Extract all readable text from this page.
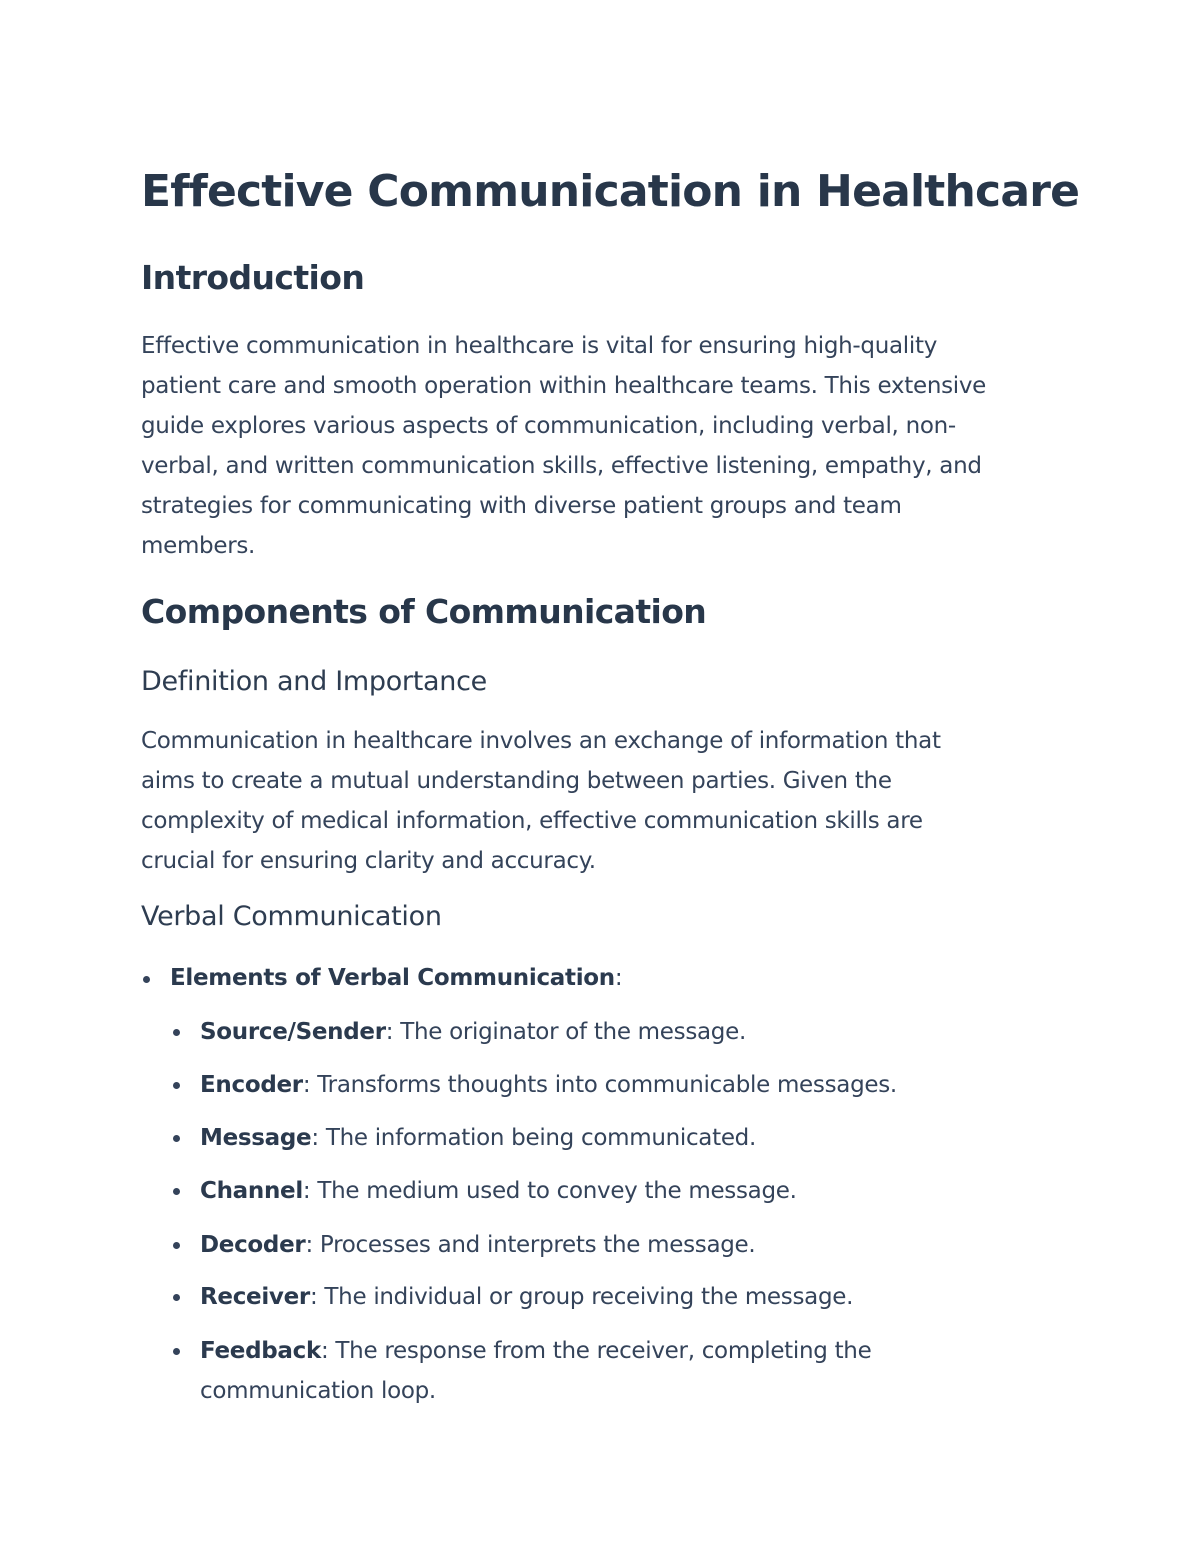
Effective Communication in Healthcare
Introduction
Effective communication in healthcare is vital for ensuring high-quality
patient care and smooth operation within healthcare teams. This extensive
guide explores various aspects of communication, including verbal, non-
verbal, and written communication skills, effective listening, empathy, and
strategies for communicating with diverse patient groups and team
members.
Components of Communication
Definition and Importance
Communication in healthcare involves an exchange of information that
aims to create a mutual understanding between parties. Given the
complexity of medical information, effective communication skills are
crucial for ensuring clarity and accuracy.
Verbal Communication
Elements of Verbal Communication:
Source/Sender: The originator of the message.
Encoder: Transforms thoughts into communicable messages.
Message: The information being communicated.
Channel: The medium used to convey the message.
Decoder: Processes and interprets the message.
Receiver: The individual or group receiving the message.
Feedback: The response from the receiver, completing the
communication loop.
